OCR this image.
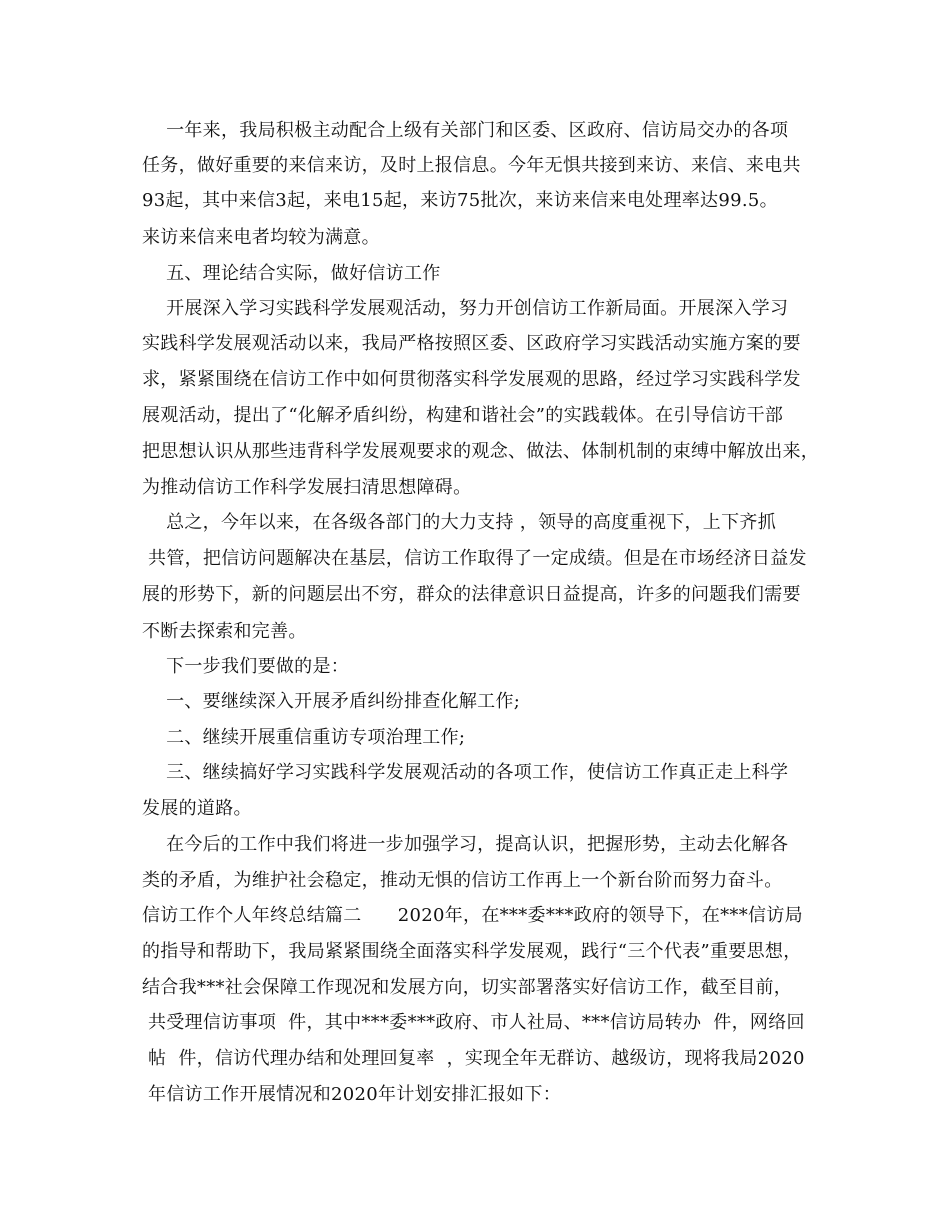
一年来，我局积极主动配合上级有关部门和区委、区政府、信访局交办的各项
任务，做好重要的来信来访，及时上报信息。今年无惧共接到来访、来信、来电共
93起，其中来信3起，来电15起，来访75批次，来访来信来电处理率达99.5。
来访来信来电者均较为满意。
五、理论结合实际，做好信访工作
开展深入学习实践科学发展观活动，努力开创信访工作新局面。开展深入学习
实践科学发展观活动以来，我局严格按照区委、区政府学习实践活动实施方案的要
求，紧紧围绕在信访工作中如何贯彻落实科学发展观的思路，经过学习实践科学发
展观活动，提出了“化解矛盾纠纷，构建和谐社会”的实践载体。在引导信访干部
把思想认识从那些违背科学发展观要求的观念、做法、体制机制的束缚中解放出来，
为推动信访工作科学发展扫清思想障碍。
总之，今年以来，在各级各部门的大力支持 ，领导的高度重视下，上下齐抓
共管，把信访问题解决在基层，信访工作取得了一定成绩。但是在市场经济日益发
展的形势下，新的问题层出不穷，群众的法律意识日益提高，许多的问题我们需要
不断去探索和完善。
下一步我们要做的是：
一、要继续深入开展矛盾纠纷排查化解工作;
二、继续开展重信重访专项治理工作;
三、继续搞好学习实践科学发展观活动的各项工作，使信访工作真正走上科学
发展的道路。
在今后的工作中我们将进一步加强学习，提高认识，把握形势，主动去化解各
类的矛盾，为维护社会稳定，推动无惧的信访工作再上一个新台阶而努力奋斗。
信访工作个人年终总结篇二      2020年，在***委***政府的领导下，在***信访局
的指导和帮助下，我局紧紧围绕全面落实科学发展观，践行“三个代表”重要思想，
结合我***社会保障工作现况和发展方向，切实部署落实好信访工作，截至目前，
共受理信访事项  件，其中***委***政府、市人社局、***信访局转办  件，网络回
帖  件，信访代理办结和处理回复率  ，实现全年无群访、越级访，现将我局2020
年信访工作开展情况和2020年计划安排汇报如下：
